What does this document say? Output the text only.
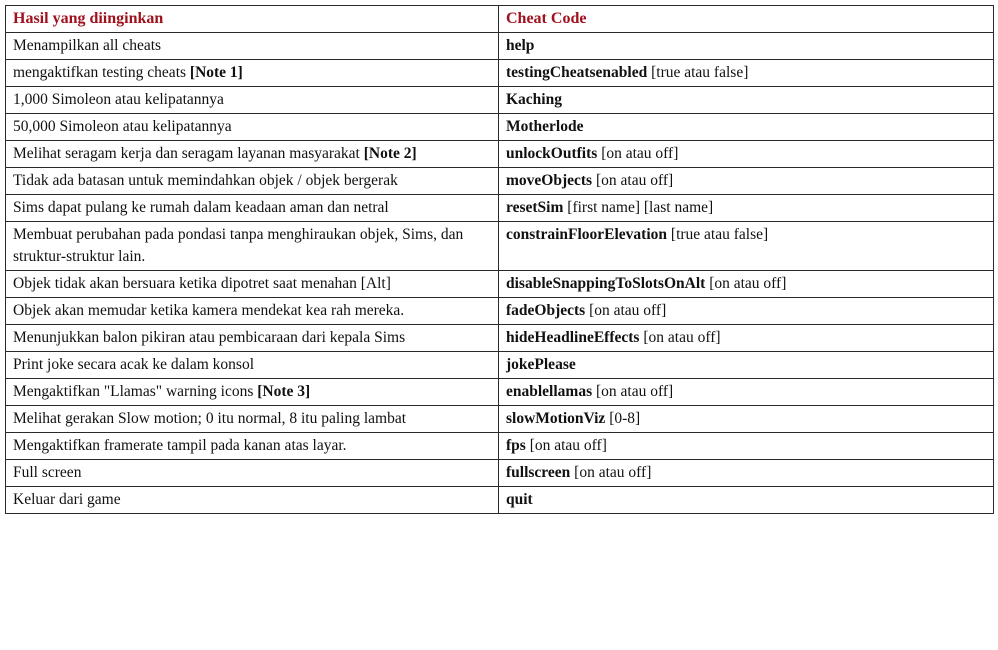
Hasil yang diinginkan	Cheat Code
Menampilkan all cheats	help
mengaktifkan testing cheats [Note 1]	testingCheatsenabled [true atau false]
1,000 Simoleon atau kelipatannya	Kaching
50,000 Simoleon atau kelipatannya	Motherlode
Melihat seragam kerja dan seragam layanan masyarakat [Note 2]	unlockOutfits [on atau off]
Tidak ada batasan untuk memindahkan objek / objek bergerak	moveObjects [on atau off]
Sims dapat pulang ke rumah dalam keadaan aman dan netral	resetSim [first name] [last name]
Membuat perubahan pada pondasi tanpa menghiraukan objek, Sims, dan struktur-struktur lain.	constrainFloorElevation [true atau false]
Objek tidak akan bersuara ketika dipotret saat menahan [Alt]	disableSnappingToSlotsOnAlt [on atau off]
Objek akan memudar ketika kamera mendekat kea rah mereka.	fadeObjects [on atau off]
Menunjukkan balon pikiran atau pembicaraan dari kepala Sims	hideHeadlineEffects [on atau off]
Print joke secara acak ke dalam konsol	jokePlease
Mengaktifkan "Llamas" warning icons [Note 3]	enablellamas [on atau off]
Melihat gerakan Slow motion; 0 itu normal, 8 itu paling lambat	slowMotionViz [0-8]
Mengaktifkan framerate tampil pada kanan atas layar.	fps [on atau off]
Full screen	fullscreen [on atau off]
Keluar dari game	quit
